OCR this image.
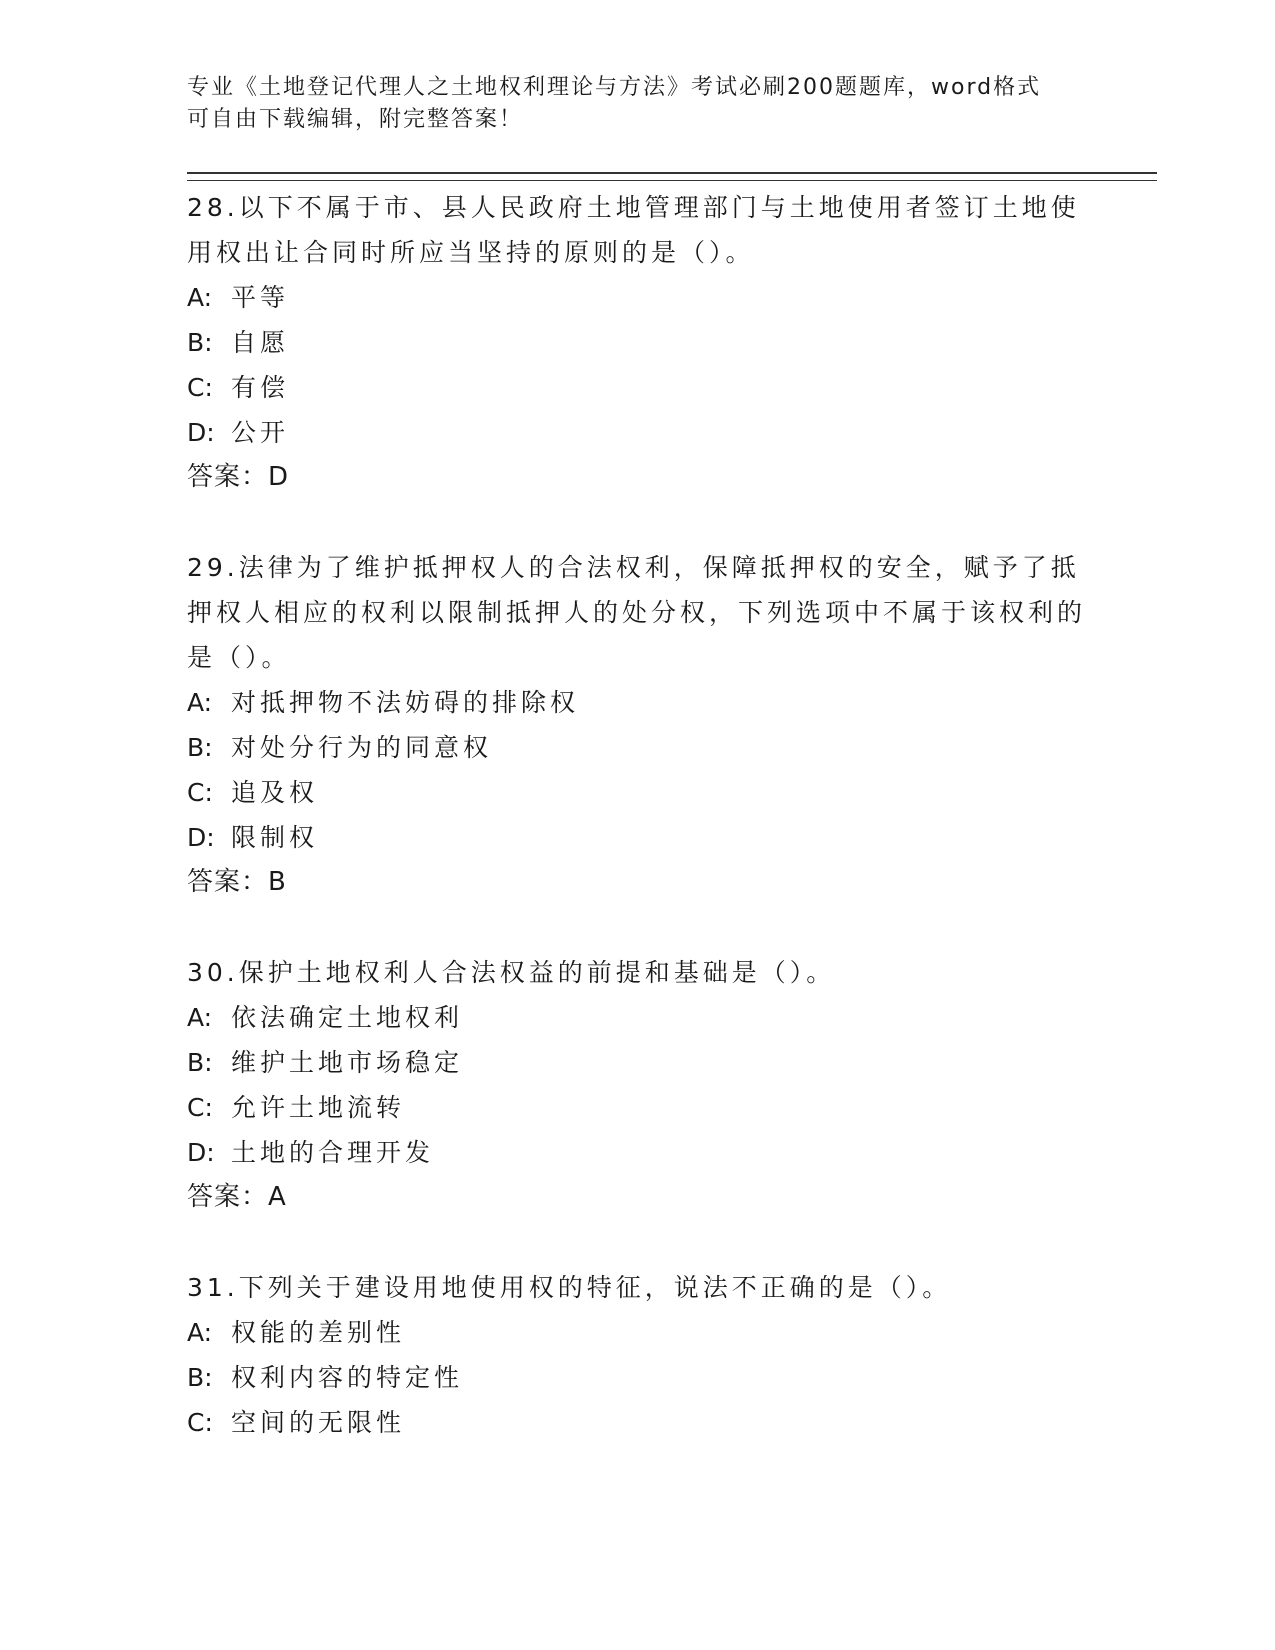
专业《土地登记代理人之土地权利理论与方法》考试必刷200题题库，word格式

可自由下载编辑，附完整答案！

28.以下不属于市、县人民政府土地管理部门与土地使用者签订土地使用权出让合同时所应当坚持的原则的是（）。

A: 平等

B: 自愿

C: 有偿

D: 公开

答案：D

29.法律为了维护抵押权人的合法权利，保障抵押权的安全，赋予了抵押权人相应的权利以限制抵押人的处分权，下列选项中不属于该权利的是（）。

A: 对抵押物不法妨碍的排除权

B: 对处分行为的同意权

C: 追及权

D: 限制权

答案：B

30.保护土地权利人合法权益的前提和基础是（）。

A: 依法确定土地权利

B: 维护土地市场稳定

C: 允许土地流转

D: 土地的合理开发

答案：A

31.下列关于建设用地使用权的特征，说法不正确的是（）。

A: 权能的差别性

B: 权利内容的特定性

C: 空间的无限性
